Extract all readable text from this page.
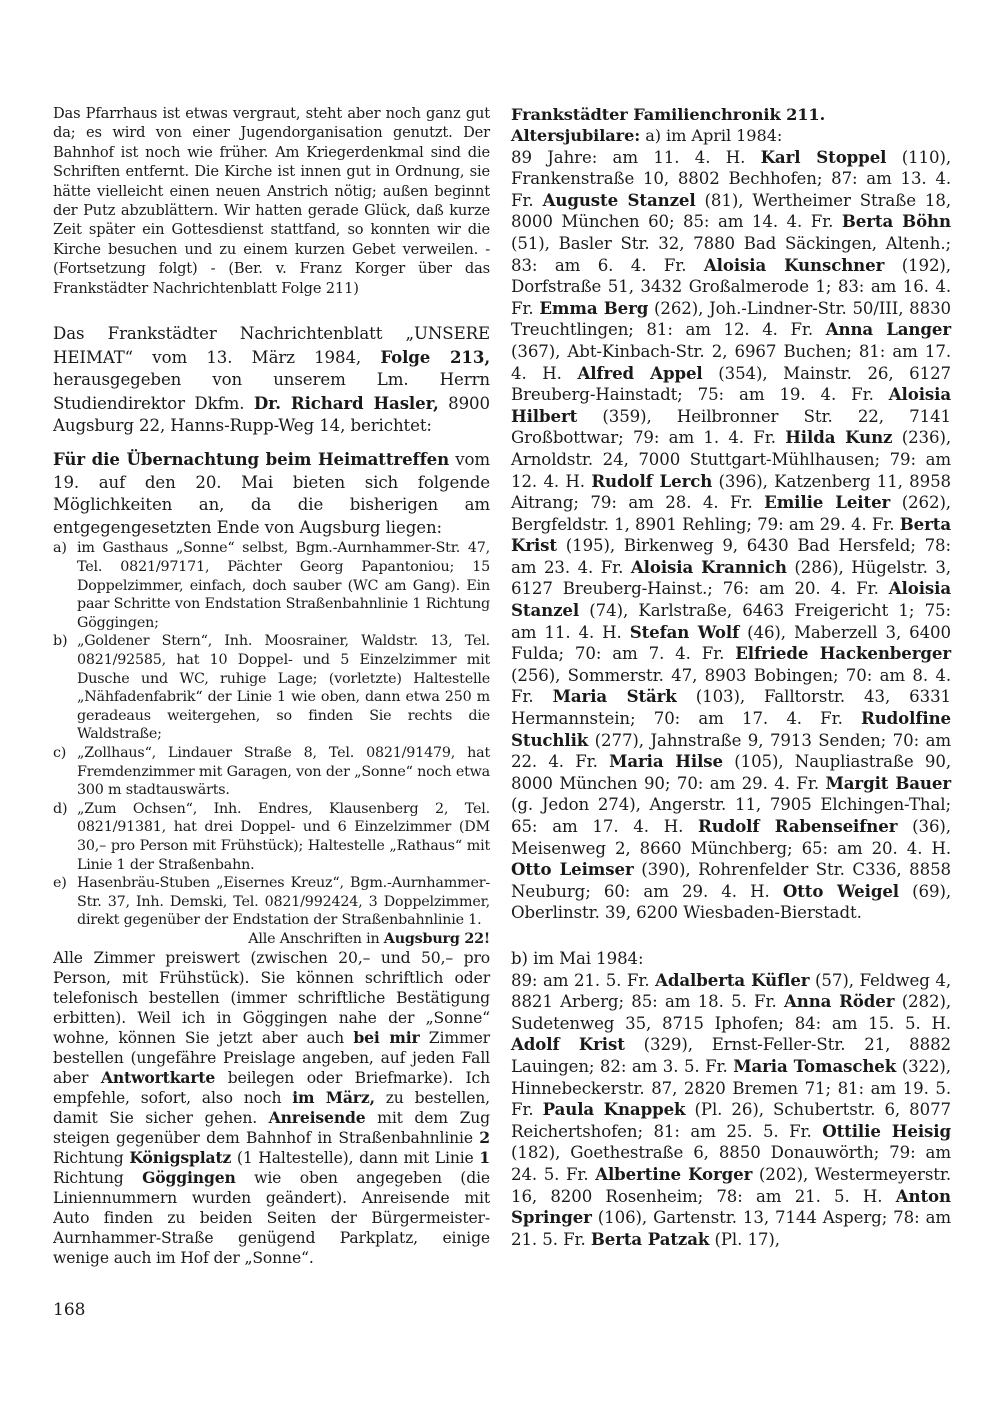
Das Pfarrhaus ist etwas vergraut, steht aber noch ganz gut da; es wird von einer Jugendorganisation genutzt. Der Bahnhof ist noch wie früher. Am Kriegerdenkmal sind die Schriften entfernt. Die Kirche ist innen gut in Ordnung, sie hätte vielleicht einen neuen Anstrich nötig; außen beginnt der Putz abzublättern. Wir hatten gerade Glück, daß kurze Zeit später ein Gottesdienst stattfand, so konnten wir die Kirche besuchen und zu einem kurzen Gebet verweilen. - (Fortsetzung folgt) - (Ber. v. Franz Korger über das Frankstädter Nachrichtenblatt Folge 211)

Das Frankstädter Nachrichtenblatt „UNSERE HEIMAT“ vom 13. März 1984, Folge 213, herausgegeben von unserem Lm. Herrn Studiendirektor Dkfm. Dr. Richard Hasler, 8900 Augsburg 22, Hanns-Rupp-Weg 14, berichtet:

Für die Übernachtung beim Heimattreffen vom 19. auf den 20. Mai bieten sich folgende Möglichkeiten an, da die bisherigen am entgegengesetzten Ende von Augsburg liegen:

a) im Gasthaus „Sonne“ selbst, Bgm.-Aurnhammer-Str. 47, Tel. 0821/97171, Pächter Georg Papantoniou; 15 Doppelzimmer, einfach, doch sauber (WC am Gang). Ein paar Schritte von Endstation Straßenbahnlinie 1 Richtung Göggingen;
b) „Goldener Stern“, Inh. Moosrainer, Waldstr. 13, Tel. 0821/92585, hat 10 Doppel- und 5 Einzelzimmer mit Dusche und WC, ruhige Lage; (vorletzte) Haltestelle „Nähfadenfabrik“ der Linie 1 wie oben, dann etwa 250 m geradeaus weitergehen, so finden Sie rechts die Waldstraße;
c) „Zollhaus“, Lindauer Straße 8, Tel. 0821/91479, hat Fremdenzimmer mit Garagen, von der „Sonne“ noch etwa 300 m stadtauswärts.
d) „Zum Ochsen“, Inh. Endres, Klausenberg 2, Tel. 0821/91381, hat drei Doppel- und 6 Einzelzimmer (DM 30,– pro Person mit Frühstück); Haltestelle „Rathaus“ mit Linie 1 der Straßenbahn.
e) Hasenbräu-Stuben „Eisernes Kreuz“, Bgm.-Aurnhammer-Str. 37, Inh. Demski, Tel. 0821/992424, 3 Doppelzimmer, direkt gegenüber der Endstation der Straßenbahnlinie 1.

Alle Anschriften in Augsburg 22!

Alle Zimmer preiswert (zwischen 20,– und 50,– pro Person, mit Frühstück). Sie können schriftlich oder telefonisch bestellen (immer schriftliche Bestätigung erbitten). Weil ich in Göggingen nahe der „Sonne“ wohne, können Sie jetzt aber auch bei mir Zimmer bestellen (ungefähre Preislage angeben, auf jeden Fall aber Antwortkarte beilegen oder Briefmarke). Ich empfehle, sofort, also noch im März, zu bestellen, damit Sie sicher gehen. Anreisende mit dem Zug steigen gegenüber dem Bahnhof in Straßenbahnlinie 2 Richtung Königsplatz (1 Haltestelle), dann mit Linie 1 Richtung Göggingen wie oben angegeben (die Liniennummern wurden geändert). Anreisende mit Auto finden zu beiden Seiten der Bürgermeister-Aurnhammer-Straße genügend Parkplatz, einige wenige auch im Hof der „Sonne“.

Frankstädter Familienchronik 211.
Altersjubilare: a) im April 1984:

89 Jahre: am 11. 4. H. Karl Stoppel (110), Frankenstraße 10, 8802 Bechhofen; 87: am 13. 4. Fr. Auguste Stanzel (81), Wertheimer Straße 18, 8000 München 60; 85: am 14. 4. Fr. Berta Böhn (51), Basler Str. 32, 7880 Bad Säckingen, Altenh.; 83: am 6. 4. Fr. Aloisia Kunschner (192), Dorfstraße 51, 3432 Großalmerode 1; 83: am 16. 4. Fr. Emma Berg (262), Joh.-Lindner-Str. 50/III, 8830 Treuchtlingen; 81: am 12. 4. Fr. Anna Langer (367), Abt-Kinbach-Str. 2, 6967 Buchen; 81: am 17. 4. H. Alfred Appel (354), Mainstr. 26, 6127 Breuberg-Hainstadt; 75: am 19. 4. Fr. Aloisia Hilbert (359), Heilbronner Str. 22, 7141 Großbottwar; 79: am 1. 4. Fr. Hilda Kunz (236), Arnoldstr. 24, 7000 Stuttgart-Mühlhausen; 79: am 12. 4. H. Rudolf Lerch (396), Katzenberg 11, 8958 Aitrang; 79: am 28. 4. Fr. Emilie Leiter (262), Bergfeldstr. 1, 8901 Rehling; 79: am 29. 4. Fr. Berta Krist (195), Birkenweg 9, 6430 Bad Hersfeld; 78: am 23. 4. Fr. Aloisia Krannich (286), Hügelstr. 3, 6127 Breuberg-Hainst.; 76: am 20. 4. Fr. Aloisia Stanzel (74), Karlstraße, 6463 Freigericht 1; 75: am 11. 4. H. Stefan Wolf (46), Maberzell 3, 6400 Fulda; 70: am 7. 4. Fr. Elfriede Hackenberger (256), Sommerstr. 47, 8903 Bobingen; 70: am 8. 4. Fr. Maria Stärk (103), Falltorstr. 43, 6331 Hermannstein; 70: am 17. 4. Fr. Rudolfine Stuchlik (277), Jahnstraße 9, 7913 Senden; 70: am 22. 4. Fr. Maria Hilse (105), Naupliastraße 90, 8000 München 90; 70: am 29. 4. Fr. Margit Bauer (g. Jedon 274), Angerstr. 11, 7905 Elchingen-Thal; 65: am 17. 4. H. Rudolf Rabenseifner (36), Meisenweg 2, 8660 Münchberg; 65: am 20. 4. H. Otto Leimser (390), Rohrenfelder Str. C336, 8858 Neuburg; 60: am 29. 4. H. Otto Weigel (69), Oberlinstr. 39, 6200 Wiesbaden-Bierstadt.

b) im Mai 1984:

89: am 21. 5. Fr. Adalberta Küfler (57), Feldweg 4, 8821 Arberg; 85: am 18. 5. Fr. Anna Röder (282), Sudetenweg 35, 8715 Iphofen; 84: am 15. 5. H. Adolf Krist (329), Ernst-Feller-Str. 21, 8882 Lauingen; 82: am 3. 5. Fr. Maria Tomaschek (322), Hinnebeckerstr. 87, 2820 Bremen 71; 81: am 19. 5. Fr. Paula Knappek (Pl. 26), Schubertstr. 6, 8077 Reichertshofen; 81: am 25. 5. Fr. Ottilie Heisig (182), Goethestraße 6, 8850 Donauwörth; 79: am 24. 5. Fr. Albertine Korger (202), Westermeyerstr. 16, 8200 Rosenheim; 78: am 21. 5. H. Anton Springer (106), Gartenstr. 13, 7144 Asperg; 78: am 21. 5. Fr. Berta Patzak (Pl. 17),

168
